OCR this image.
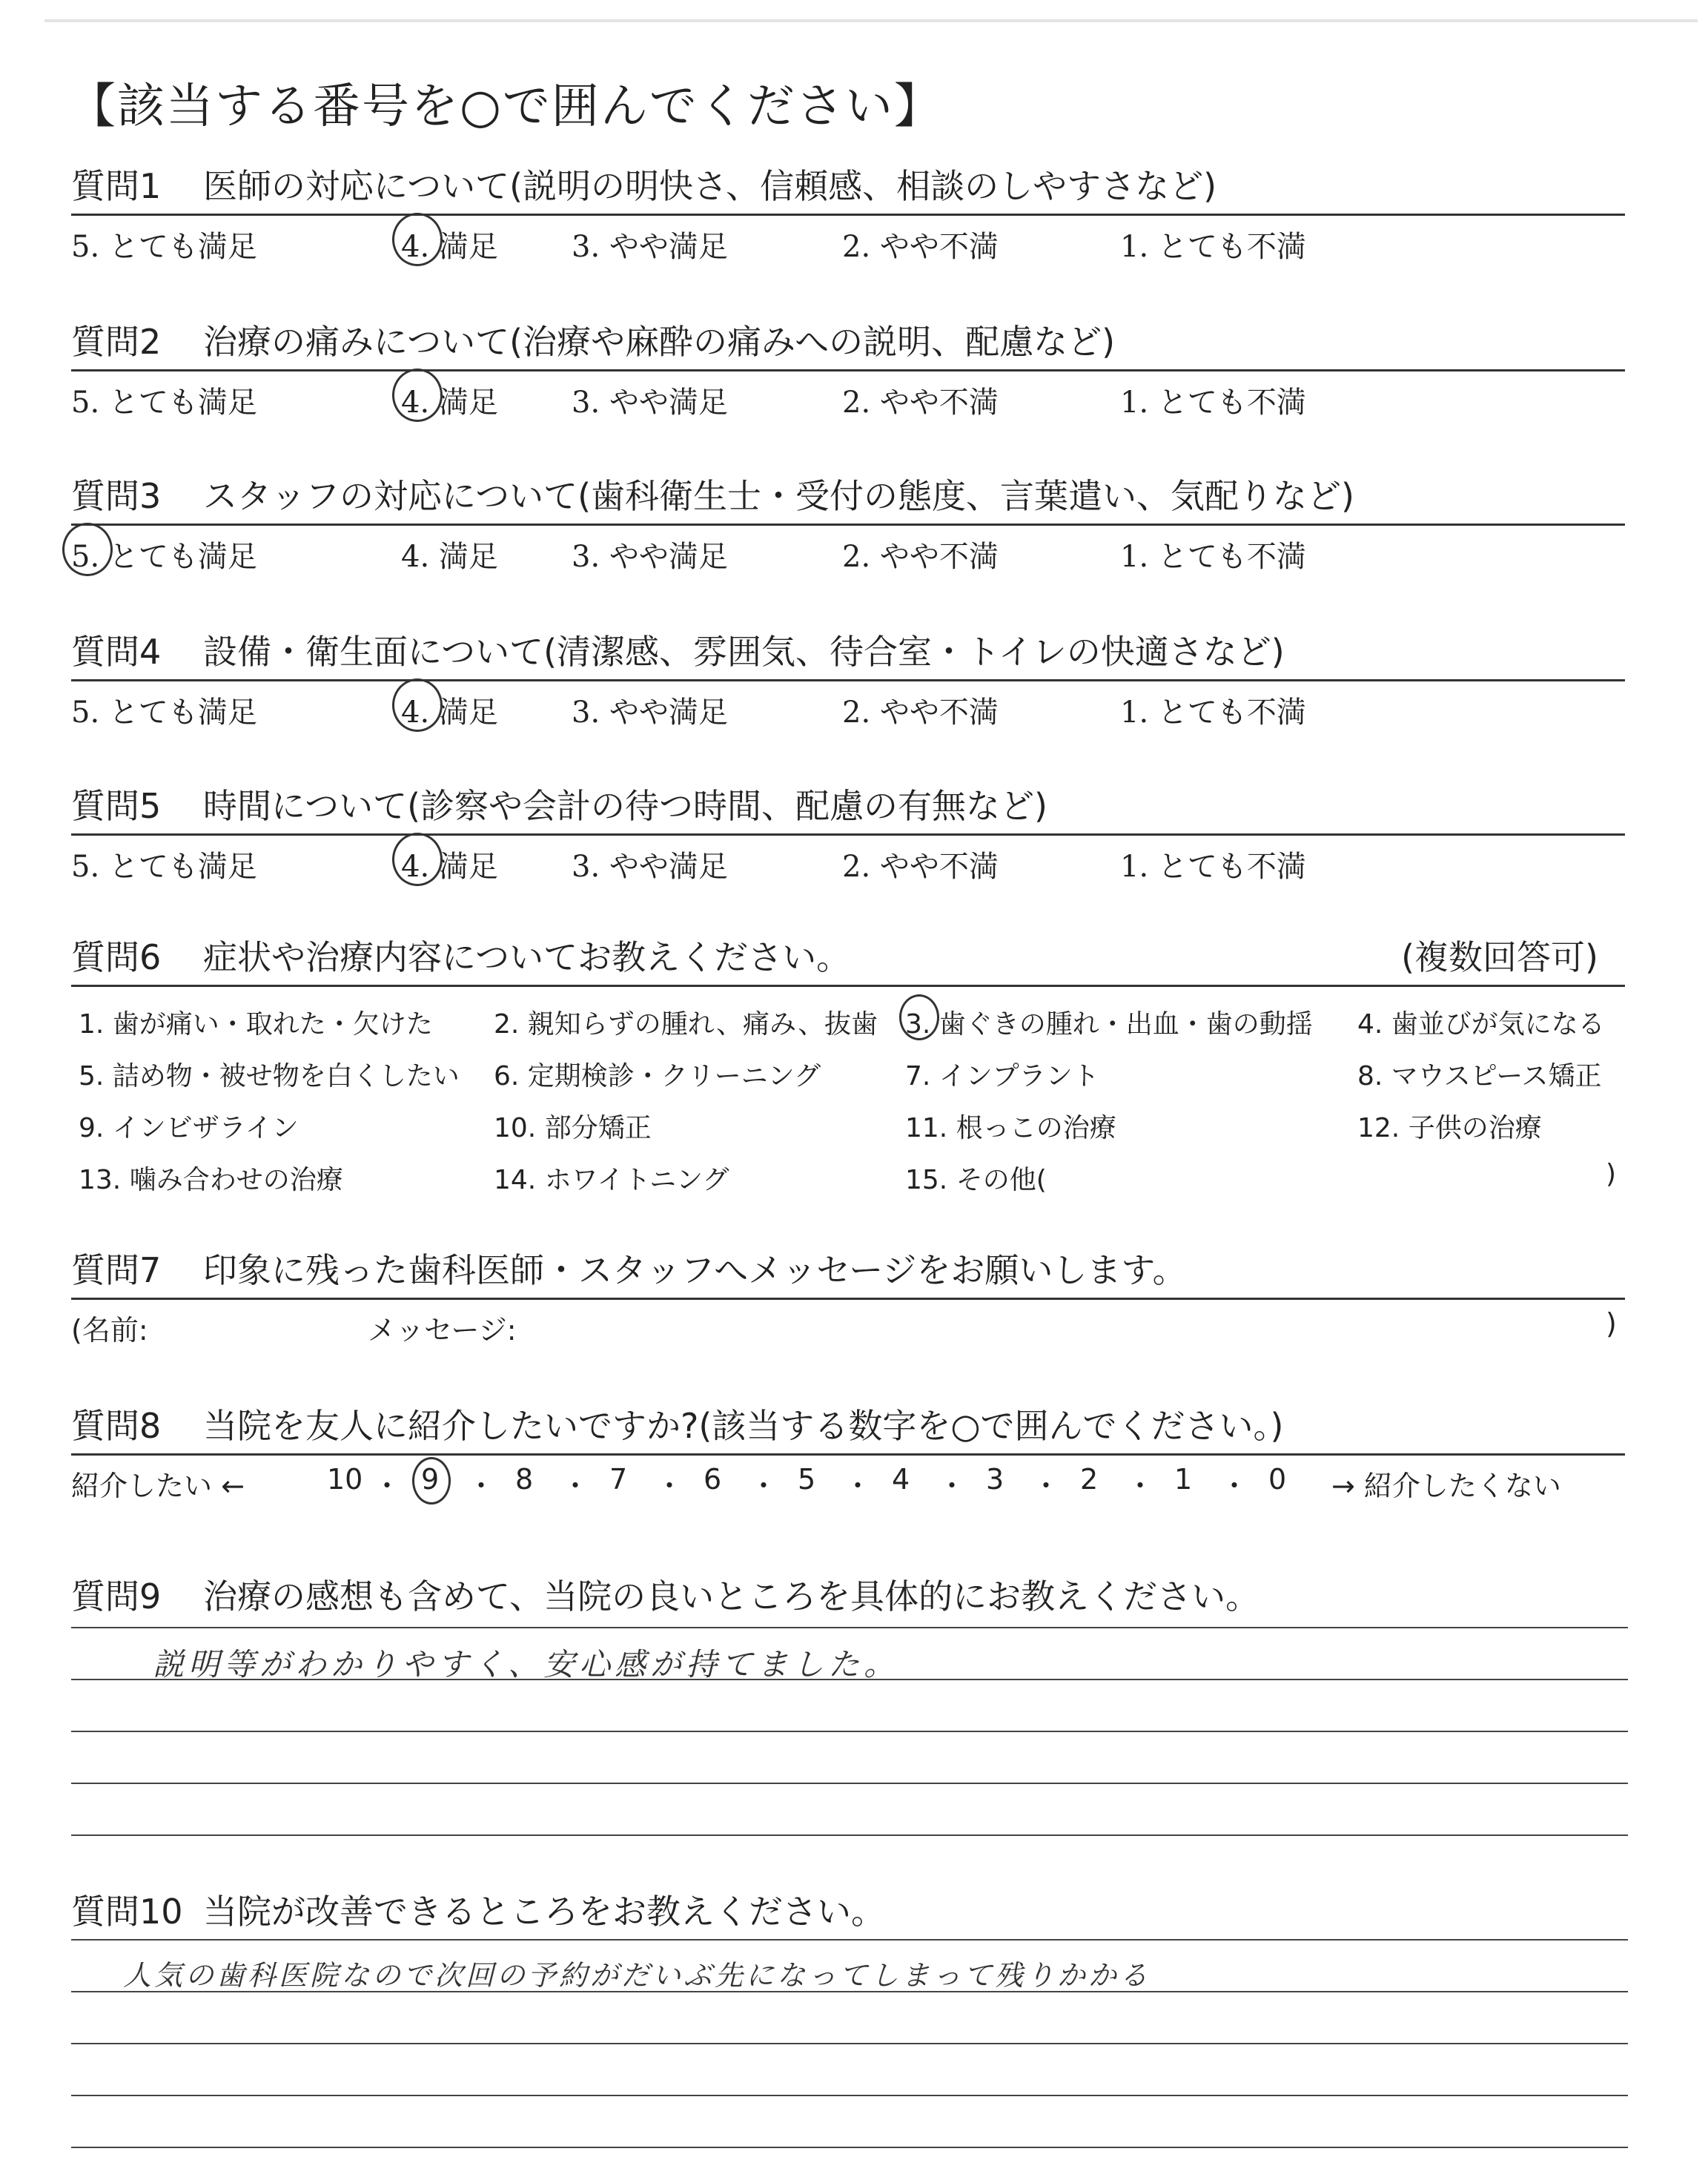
【該当する番号を○で囲んでください】
質問1 医師の対応について(説明の明快さ、信頼感、相談のしやすさなど)
5. とても満足	4. 満足 3. やや満足	2. やや不満	1. とても不満
質問2 治療の痛みについて(治療や麻酔の痛みへの説明、配慮など)
5. とても満足	4. 満足 3. やや満足	2. やや不満	1. とても不満
質問3 スタッフの対応について(歯科衛生士・受付の態度、言葉遣い、気配りなど)
5. とても満足	4. 満足 3. やや満足	2. やや不満	1. とても不満
質問4 設備・衛生面について(清潔感、雰囲気、待合室・トイレの快適さなど)
5. とても満足	4. 満足 3. やや満足	2. やや不満	1. とても不満
質問5 時間について(診察や会計の待つ時間、配慮の有無など)
5. とても満足	4. 満足 3. やや満足	2. やや不満	1. とても不満
質問6 症状や治療内容についてお教えください。	(複数回答可)
1. 歯が痛い・取れた・欠けた 2. 親知らずの腫れ、痛み、抜歯 3. 歯ぐきの腫れ・出血・歯の動揺 4. 歯並びが気になる
5. 詰め物・被せ物を白くしたい 6. 定期検診・クリーニング	7. インプラント	8. マウスピース矯正
9. インビザライン	10. 部分矯正	11. 根っこの治療	12. 子供の治療
13. 噛み合わせの治療	14. ホワイトニング	15. その他(	)
質問7 印象に残った歯科医師・スタッフへメッセージをお願いします。
(名前:	メッセージ:	)
質問8 当院を友人に紹介したいですか?(該当する数字を○で囲んでください。)
紹介したい ←	10 ・ 9 ・ 8 ・ 7 ・ 6 ・ 5 ・ 4 ・ 3 ・ 2 ・ 1 ・ 0 → 紹介したくない
質問9 治療の感想も含めて、当院の良いところを具体的にお教えください。
説明等がわかりやすく、安心感が持てました。
質問10 当院が改善できるところをお教えください。
人気の歯科医院なので次回の予約がだいぶ先になってしまって残りかかる
